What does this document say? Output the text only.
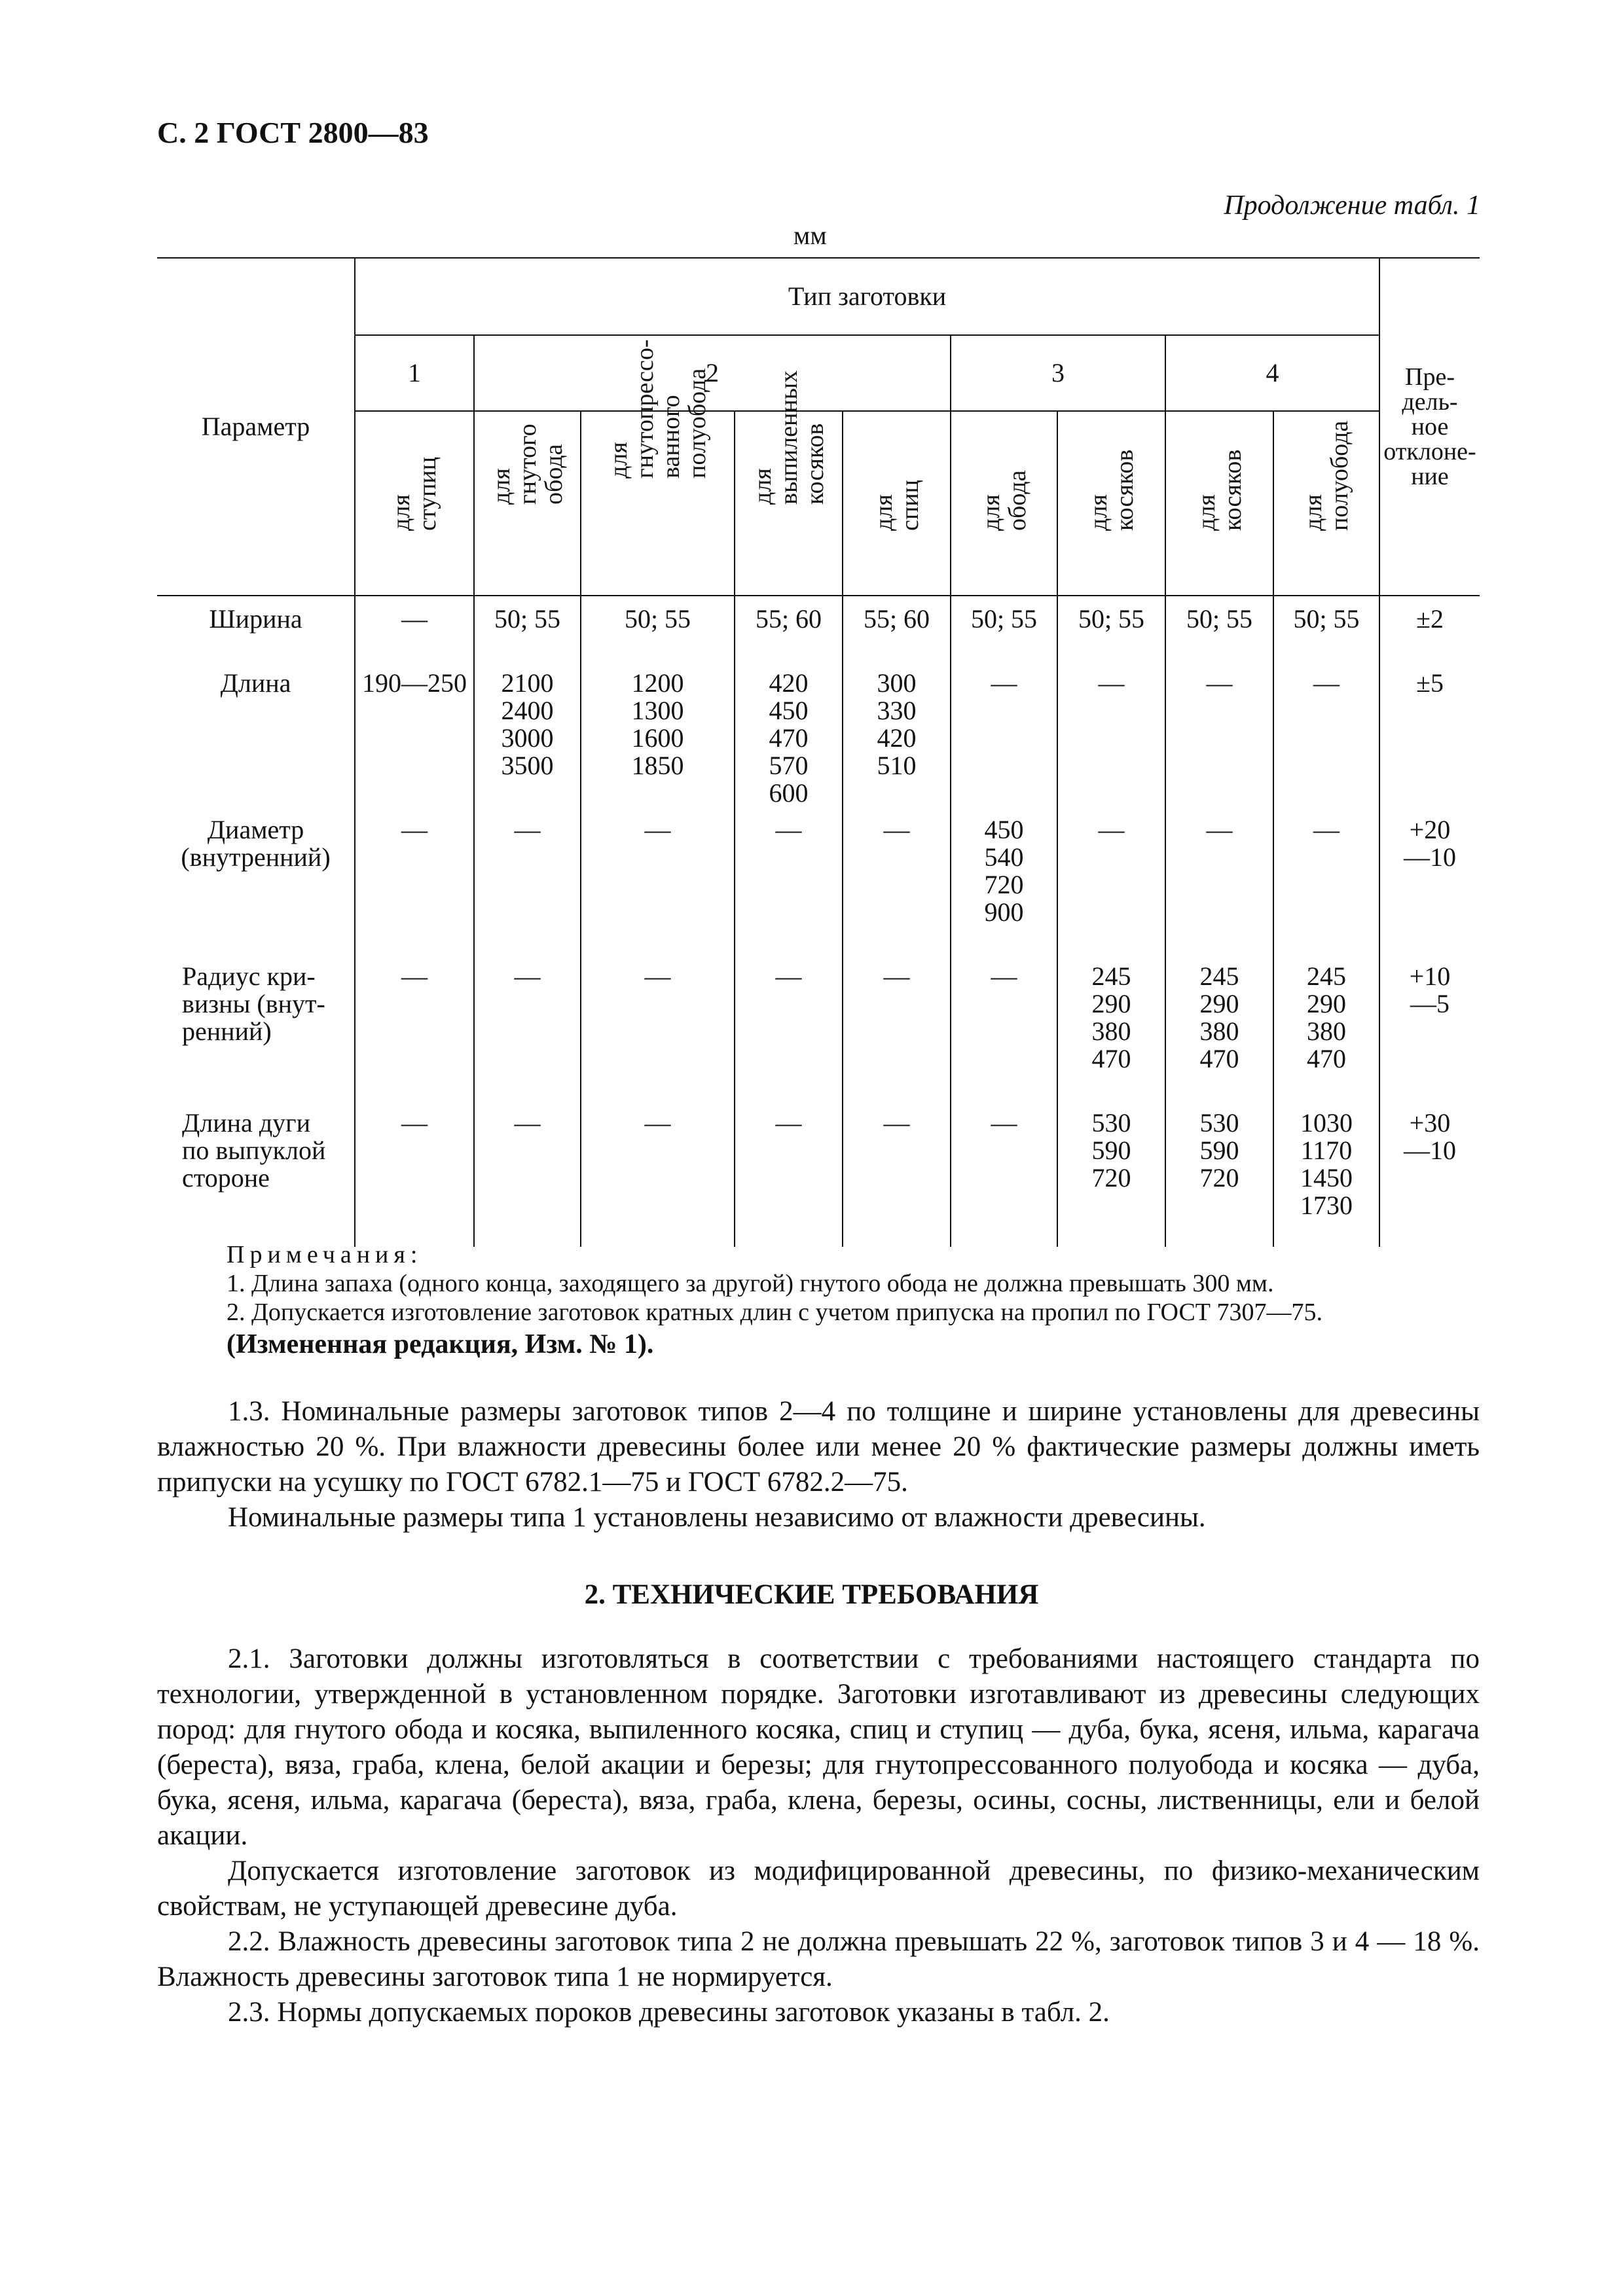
С. 2 ГОСТ 2800—83
Продолжение табл. 1
мм
Параметр	Тип заготовки									Пре-
дель-
ное
отклоне-
ние
	1	2				3		4		

	для ступиц	для гнутого
обода	для
гнутопрессо-
ванного
полуобода	для
выпиленных
косяков	для спиц	для обода	для косяков	для косяков	для
полуобода	

Ширина	—	50; 55	50; 55	55; 60	55; 60	50; 55	50; 55	50; 55	50; 55	±2
Длина	190—250	2100
2400
3000
3500	1200
1300
1600
1850	420
450
470
570
600	300
330
420
510	—	—	—	—	±5
Диаметр
(внутренний)	—	—	—	—	—	450
540
720
900	—	—	—	+20
—10
Радиус кри-
визны (внут-
ренний)	—	—	—	—	—	—	245
290
380
470	245
290
380
470	245
290
380
470	+10
—5
Длина дуги
по выпуклой
стороне	—	—	—	—	—	—	530
590
720	530
590
720	1030
1170
1450
1730	+30
—10
Примечания:
1. Длина запаха (одного конца, заходящего за другой) гнутого обода не должна превышать 300 мм.
2. Допускается изготовление заготовок кратных длин с учетом припуска на пропил по ГОСТ 7307—75.
(Измененная редакция, Изм. № 1).

1.3. Номинальные размеры заготовок типов 2—4 по толщине и ширине установлены для древесины влажностью 20 %. При влажности древесины более или менее 20 % фактические размеры должны иметь припуски на усушку по ГОСТ 6782.1—75 и ГОСТ 6782.2—75.

Номинальные размеры типа 1 установлены независимо от влажности древесины.

2. ТЕХНИЧЕСКИЕ ТРЕБОВАНИЯ

2.1. Заготовки должны изготовляться в соответствии с требованиями настоящего стандарта по технологии, утвержденной в установленном порядке. Заготовки изготавливают из древесины следующих пород: для гнутого обода и косяка, выпиленного косяка, спиц и ступиц — дуба, бука, ясеня, ильма, карагача (береста), вяза, граба, клена, белой акации и березы; для гнутопрессованного полуобода и косяка — дуба, бука, ясеня, ильма, карагача (береста), вяза, граба, клена, березы, осины, сосны, лиственницы, ели и белой акации.

Допускается изготовление заготовок из модифицированной древесины, по физико-механическим свойствам, не уступающей древесине дуба.

2.2. Влажность древесины заготовок типа 2 не должна превышать 22 %, заготовок типов 3 и 4 — 18 %. Влажность древесины заготовок типа 1 не нормируется.

2.3. Нормы допускаемых пороков древесины заготовок указаны в табл. 2.
